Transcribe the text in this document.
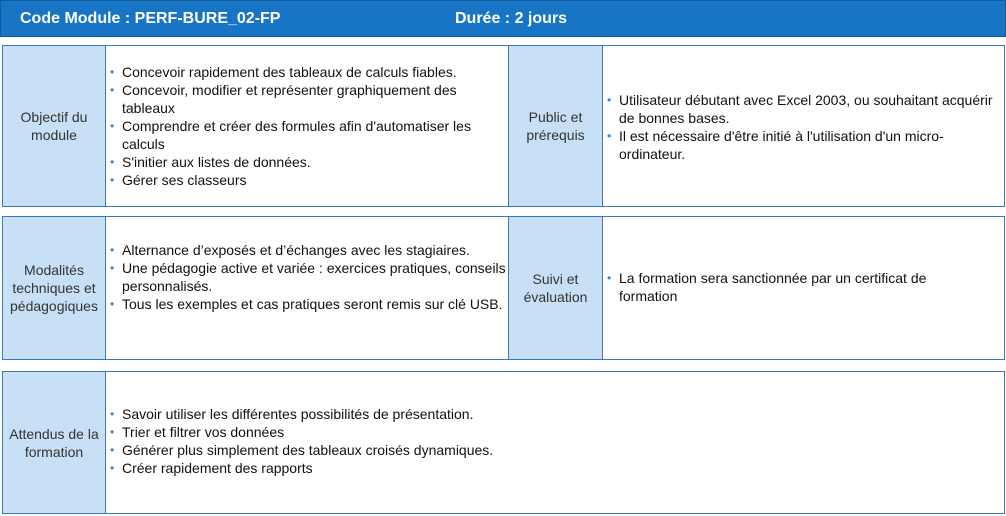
Code Module : PERF-BURE_02-FP	Durée : 2 jours
Objectif du module
• Concevoir rapidement des tableaux de calculs fiables.
• Concevoir, modifier et représenter graphiquement des tableaux
• Comprendre et créer des formules afin d'automatiser les calculs
• S'initier aux listes de données.
• Gérer ses classeurs
Public et prérequis
• Utilisateur débutant avec Excel 2003, ou souhaitant acquérir de bonnes bases.
• Il est nécessaire d'être initié à l'utilisation d'un micro-ordinateur.
Modalités techniques et pédagogiques
• Alternance d’exposés et d’échanges avec les stagiaires.
• Une pédagogie active et variée : exercices pratiques, conseils personnalisés.
• Tous les exemples et cas pratiques seront remis sur clé USB.
Suivi et évaluation
• La formation sera sanctionnée par un certificat de formation
Attendus de la formation
• Savoir utiliser les différentes possibilités de présentation.
• Trier et filtrer vos données
• Générer plus simplement des tableaux croisés dynamiques.
• Créer rapidement des rapports
